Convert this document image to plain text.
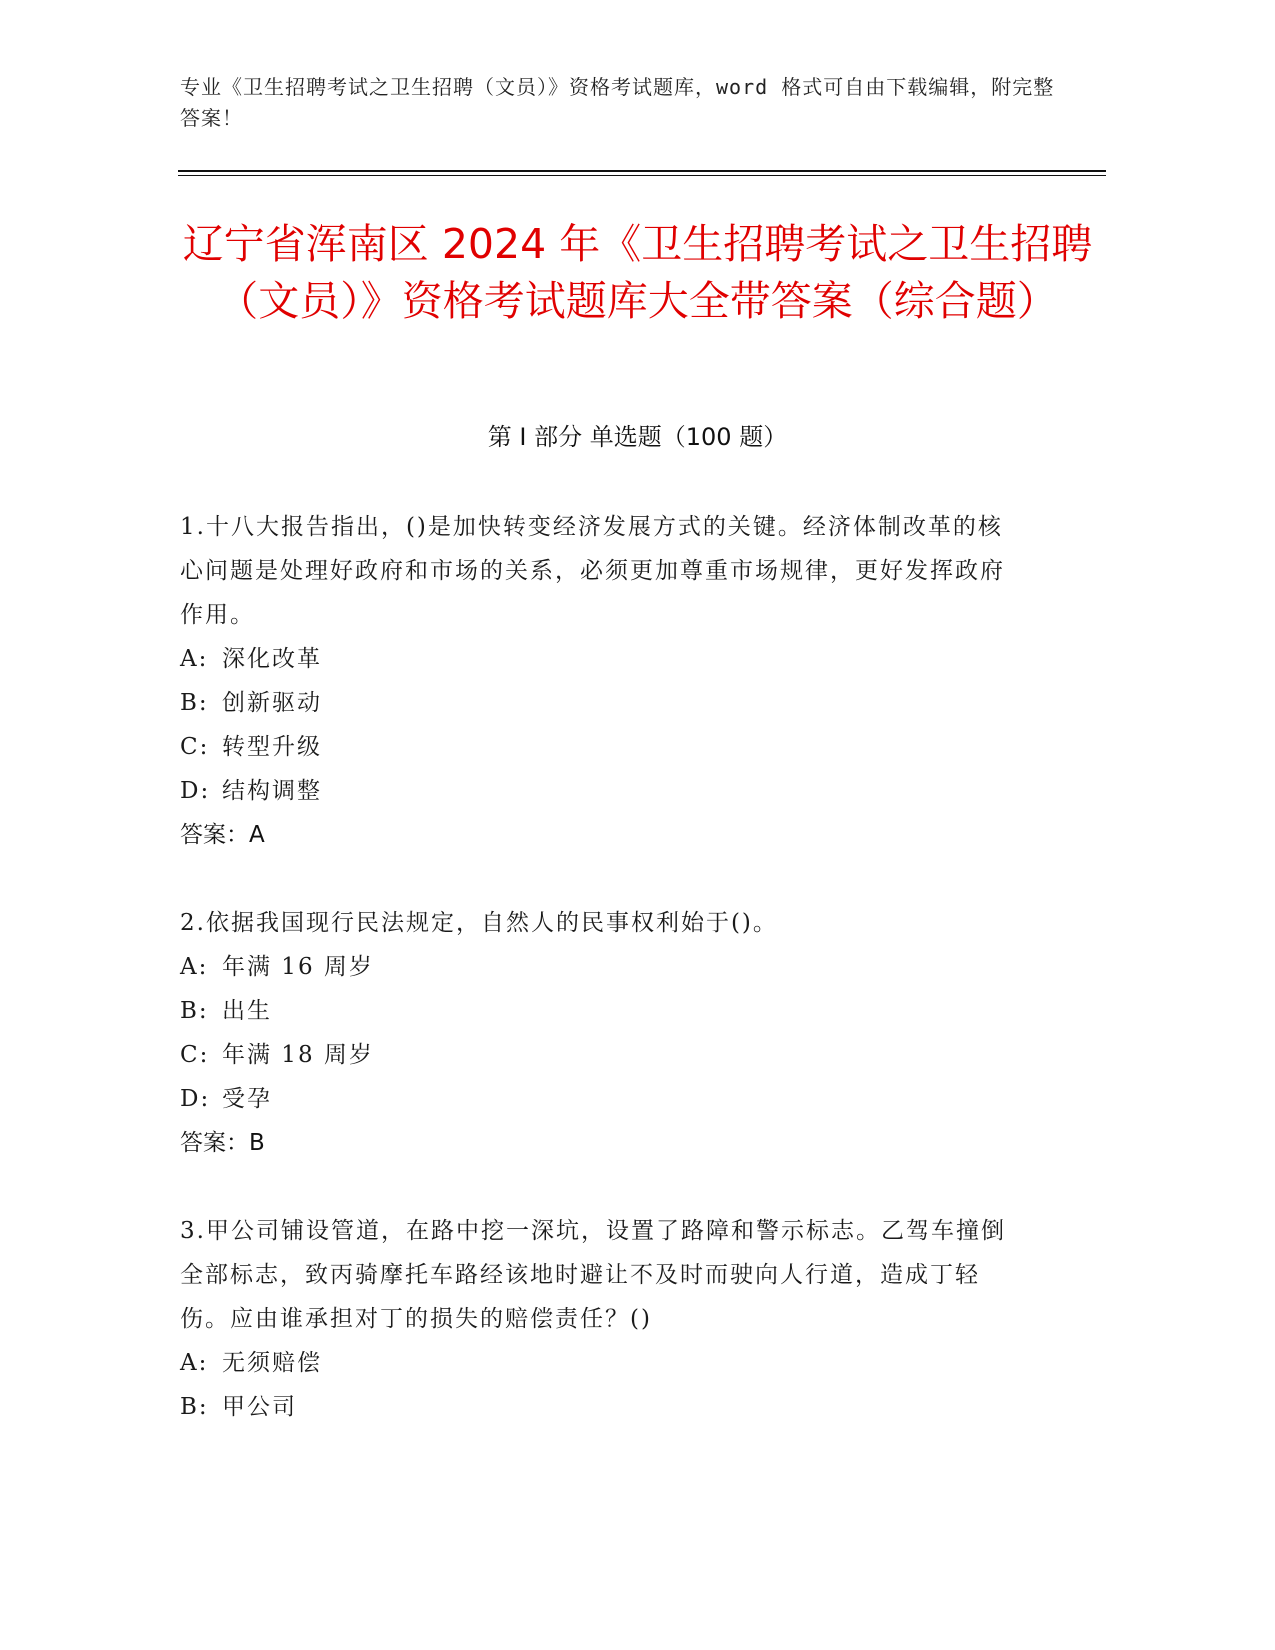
专业《卫生招聘考试之卫生招聘（文员）》资格考试题库，word 格式可自由下载编辑，附完整答案！
辽宁省浑南区 2024 年《卫生招聘考试之卫生招聘（文员）》资格考试题库大全带答案（综合题）
第 I 部分 单选题（100 题）
1.十八大报告指出，()是加快转变经济发展方式的关键。经济体制改革的核心问题是处理好政府和市场的关系，必须更加尊重市场规律，更好发挥政府作用。
A: 深化改革
B: 创新驱动
C: 转型升级
D: 结构调整
答案：A
2.依据我国现行民法规定，自然人的民事权利始于()。
A: 年满 16 周岁
B: 出生
C: 年满 18 周岁
D: 受孕
答案：B
3.甲公司铺设管道，在路中挖一深坑，设置了路障和警示标志。乙驾车撞倒全部标志，致丙骑摩托车路经该地时避让不及时而驶向人行道，造成丁轻伤。应由谁承担对丁的损失的赔偿责任？()
A: 无须赔偿
B: 甲公司
